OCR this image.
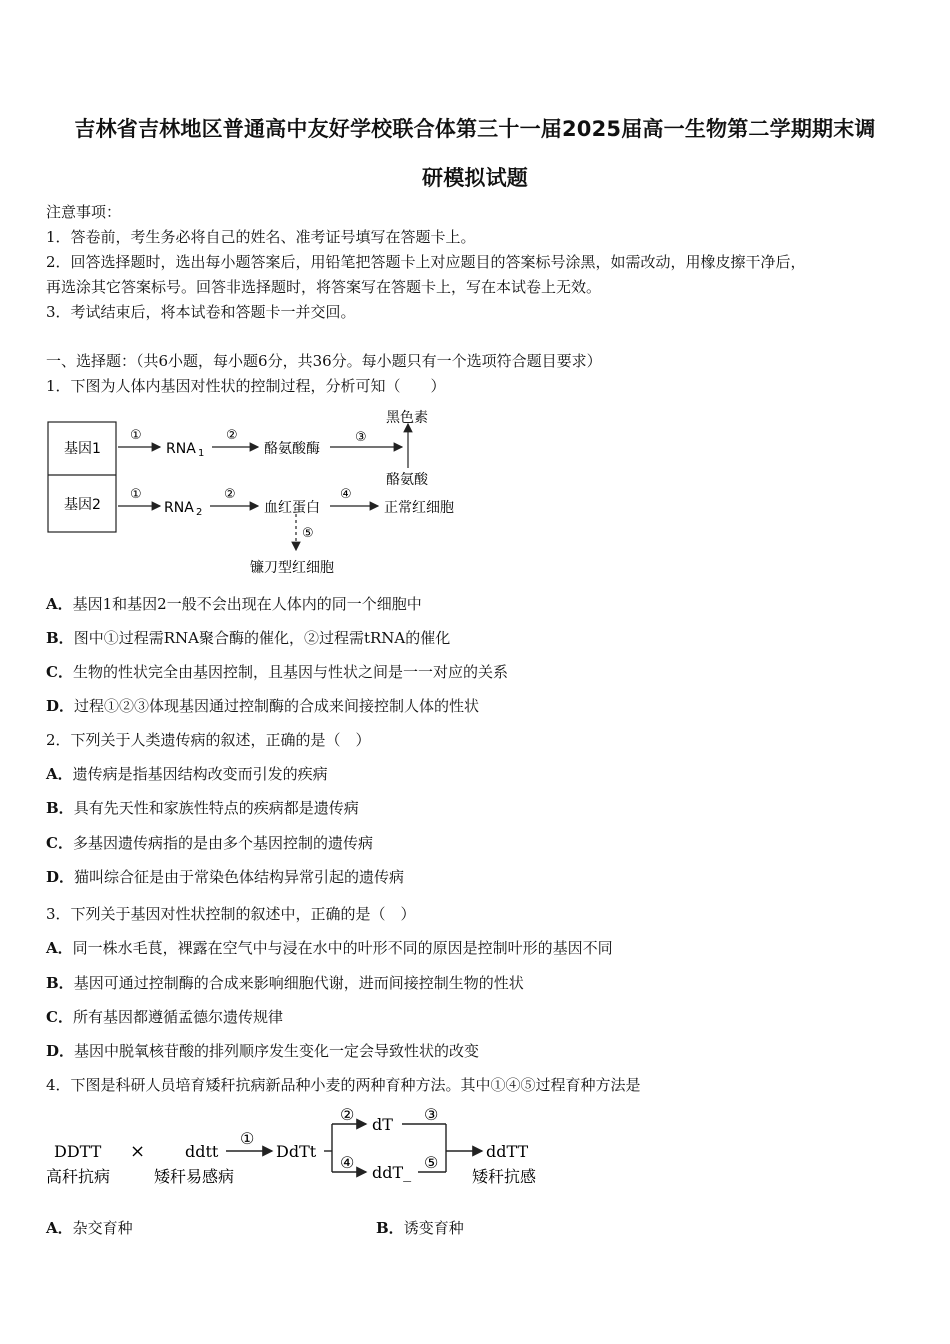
吉林省吉林地区普通高中友好学校联合体第三十一届2025届高一生物第二学期期末调
研模拟试题
注意事项：
1．答卷前，考生务必将自己的姓名、准考证号填写在答题卡上。
2．回答选择题时，选出每小题答案后，用铅笔把答题卡上对应题目的答案标号涂黑，如需改动，用橡皮擦干净后，
再选涂其它答案标号。回答非选择题时，将答案写在答题卡上，写在本试卷上无效。
3．考试结束后，将本试卷和答题卡一并交回。
一、选择题：（共6小题，每小题6分，共36分。每小题只有一个选项符合题目要求）
1．下图为人体内基因对性状的控制过程，分析可知（　　）
基因1
基因2
①
RNA 1
②
酪氨酸酶
③
黑色素
酪氨酸
①
RNA 2
②
血红蛋白
④
正常红细胞
⑤
镰刀型红细胞
A．基因1和基因2一般不会出现在人体内的同一个细胞中
B．图中①过程需RNA聚合酶的催化，②过程需tRNA的催化
C．生物的性状完全由基因控制，且基因与性状之间是一一对应的关系
D．过程①②③体现基因通过控制酶的合成来间接控制人体的性状
2．下列关于人类遗传病的叙述，正确的是（　）
A．遗传病是指基因结构改变而引发的疾病
B．具有先天性和家族性特点的疾病都是遗传病
C．多基因遗传病指的是由多个基因控制的遗传病
D．猫叫综合征是由于常染色体结构异常引起的遗传病
3．下列关于基因对性状控制的叙述中，正确的是（　）
A．同一株水毛茛，裸露在空气中与浸在水中的叶形不同的原因是控制叶形的基因不同
B．基因可通过控制酶的合成来影响细胞代谢，进而间接控制生物的性状
C．所有基因都遵循孟德尔遗传规律
D．基因中脱氧核苷酸的排列顺序发生变化一定会导致性状的改变
4．下图是科研人员培育矮秆抗病新品种小麦的两种育种方法。其中①④⑤过程育种方法是
DDTT
高秆抗病
× ddtt
矮秆易感病
①
DdTt
②
④
dT
ddT_
③
⑤
ddTT
矮秆抗感
A．杂交育种	B．诱变育种
